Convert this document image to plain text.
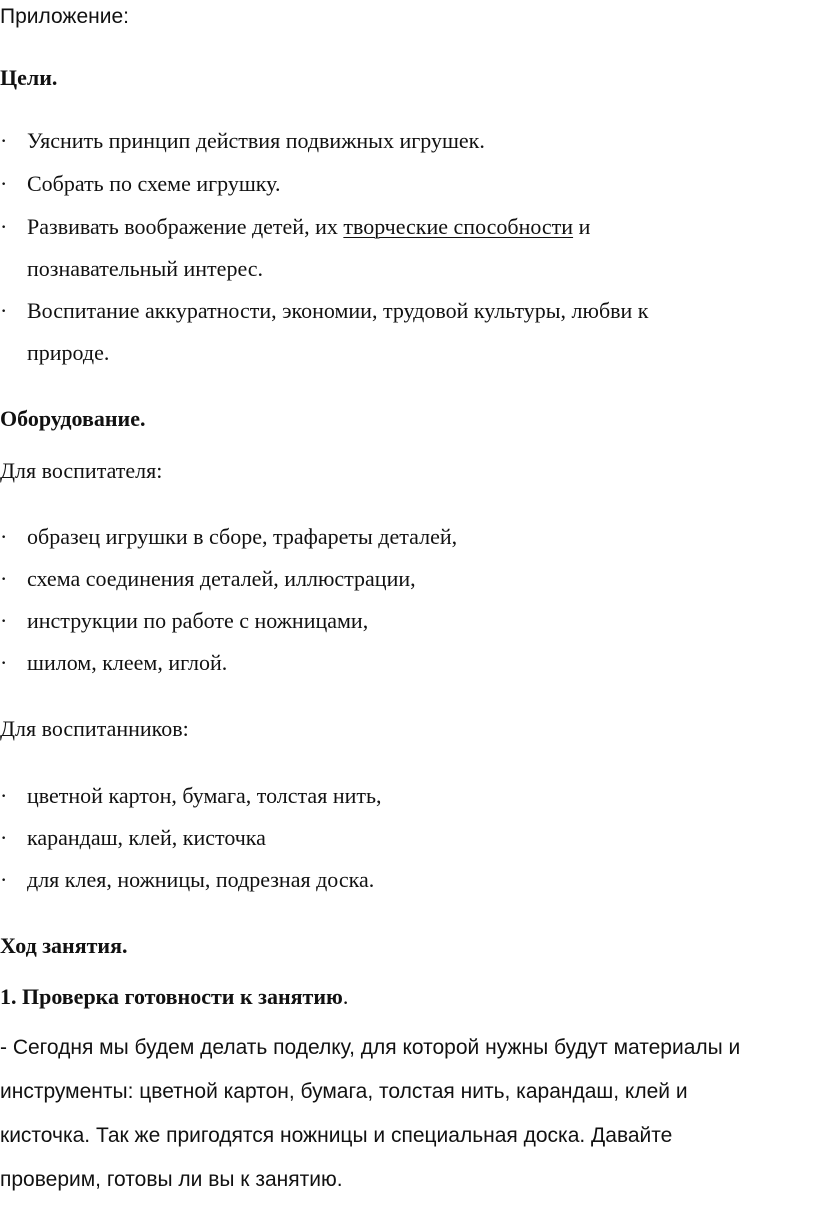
Приложение:
Цели.
· Уяснить принцип действия подвижных игрушек.
· Собрать по схеме игрушку.
· Развивать воображение детей, их творческие способности и
познавательный интерес.
· Воспитание аккуратности, экономии, трудовой культуры, любви к
природе.
Оборудование.
Для воспитателя:
· образец игрушки в сборе, трафареты деталей,
· схема соединения деталей, иллюстрации,
· инструкции по работе с ножницами,
· шилом, клеем, иглой.
Для воспитанников:
· цветной картон, бумага, толстая нить,
· карандаш, клей, кисточка
· для клея, ножницы, подрезная доска.
Ход занятия.
1. Проверка готовности к занятию.
- Сегодня мы будем делать поделку, для которой нужны будут материалы и
инструменты: цветной картон, бумага, толстая нить, карандаш, клей и
кисточка. Так же пригодятся ножницы и специальная доска. Давайте
проверим, готовы ли вы к занятию.
